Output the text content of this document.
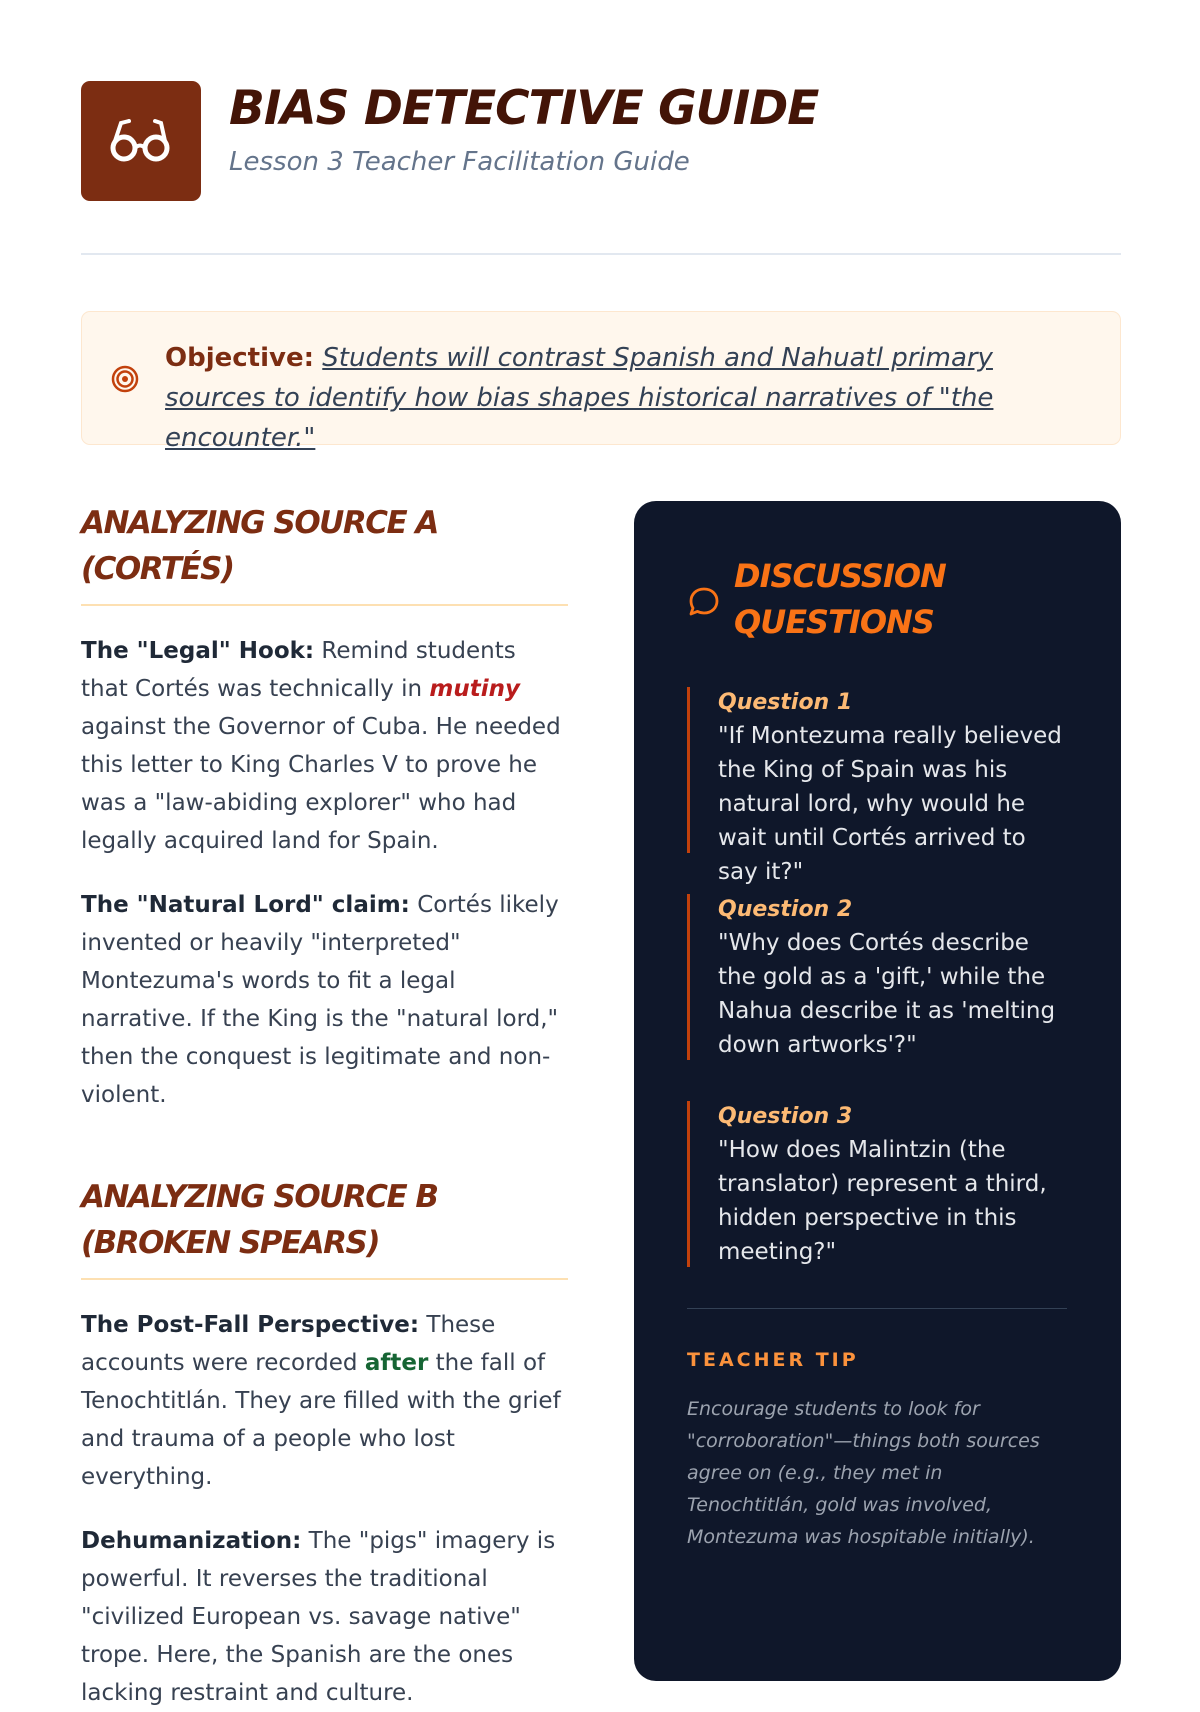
BIAS DETECTIVE GUIDE
Lesson 3 Teacher Facilitation Guide
Objective: Students will contrast Spanish and Nahuatl primary sources to identify how bias shapes historical narratives of "the encounter."
ANALYZING SOURCE A
(CORTÉS)

The "Legal" Hook: Remind students that Cortés was technically in mutiny against the Governor of Cuba. He needed this letter to King Charles V to prove he was a "law-abiding explorer" who had legally acquired land for Spain.

The "Natural Lord" claim: Cortés likely invented or heavily "interpreted" Montezuma's words to fit a legal narrative. If the King is the "natural lord," then the conquest is legitimate and non-violent.

ANALYZING SOURCE B
(BROKEN SPEARS)

The Post-Fall Perspective: These accounts were recorded after the fall of Tenochtitlán. They are filled with the grief and trauma of a people who lost everything.

Dehumanization: The "pigs" imagery is powerful. It reverses the traditional "civilized European vs. savage native" trope. Here, the Spanish are the ones lacking restraint and culture.

DISCUSSION
QUESTIONS
Question 1
"If Montezuma really believed the King of Spain was his natural lord, why would he wait until Cortés arrived to say it?"
Question 2
"Why does Cortés describe the gold as a 'gift,' while the Nahua describe it as 'melting down artworks'?"
Question 3
"How does Malintzin (the translator) represent a third, hidden perspective in this meeting?"
TEACHER TIP
Encourage students to look for "corroboration"—things both sources agree on (e.g., they met in Tenochtitlán, gold was involved, Montezuma was hospitable initially).
